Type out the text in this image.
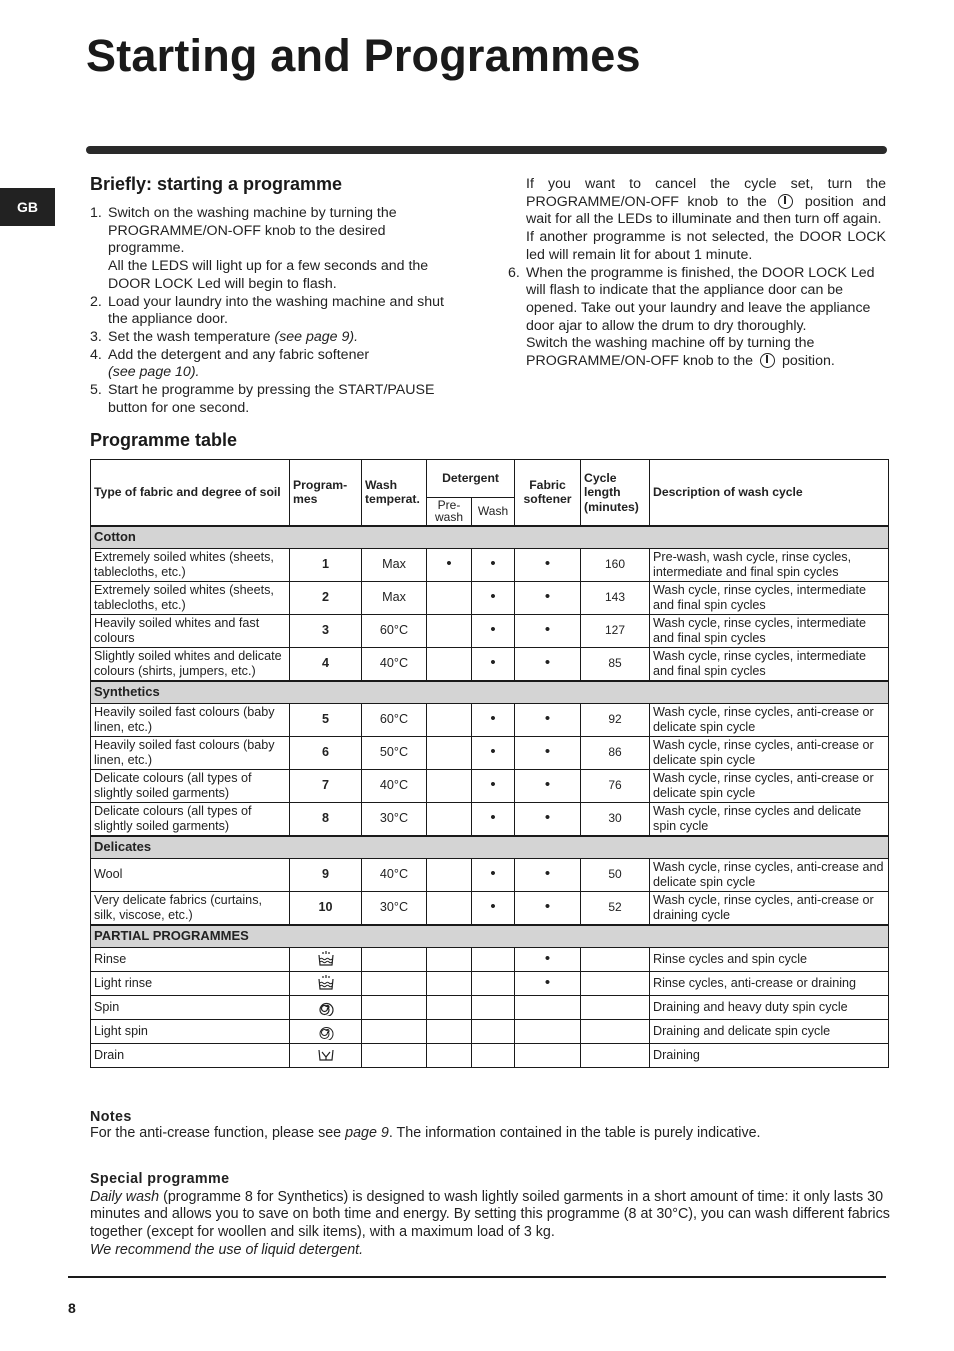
Starting and Programmes
GB
Briefly: starting a programme
1. Switch on the washing machine by turning the PROGRAMME/ON-OFF knob to the desired programme.
All the LEDS will light up for a few seconds and the DOOR LOCK Led will begin to flash.
2. Load your laundry into the washing machine and shut the appliance door.
3. Set the wash temperature (see page 9).
4. Add the detergent and any fabric softener
(see page 10).
5. Start he programme by pressing the START/PAUSE button for one second.
If you want to cancel the cycle set, turn the PROGRAMME/ON-OFF knob to the	position and wait for all the LEDs to illuminate and then turn off again.
If another programme is not selected, the DOOR LOCK led will remain lit for about 1 minute.
6. When the programme is finished, the DOOR LOCK Led will flash to indicate that the appliance door can be opened. Take out your laundry and leave the appliance door ajar to allow the drum to dry thoroughly.
Switch the washing machine off by turning the PROGRAMME/ON-OFF knob to the position.
Programme table
Type of fabric and degree of soil	Program-mes	Wash temperat.	Detergent		Fabric softener	Cycle length (minutes)	Description of wash cycle
			Pre-wash	Wash			
Cotton							
Extremely soiled whites (sheets, tablecloths, etc.)	1	Max	•	•	•	160	Pre-wash, wash cycle, rinse cycles, intermediate and final spin cycles
Extremely soiled whites (sheets, tablecloths, etc.)	2	Max		•	•	143	Wash cycle, rinse cycles, intermediate and final spin cycles
Heavily soiled whites and fast colours	3	60°C		•	•	127	Wash cycle, rinse cycles, intermediate and final spin cycles
Slightly soiled whites and delicate colours (shirts, jumpers, etc.)	4	40°C		•	•	85	Wash cycle, rinse cycles, intermediate and final spin cycles
Synthetics							
Heavily soiled fast colours (baby linen, etc.)	5	60°C		•	•	92	Wash cycle, rinse cycles, anti-crease or delicate spin cycle
Heavily soiled fast colours (baby linen, etc.)	6	50°C		•	•	86	Wash cycle, rinse cycles, anti-crease or delicate spin cycle
Delicate colours (all types of slightly soiled garments)	7	40°C		•	•	76	Wash cycle, rinse cycles, anti-crease or delicate spin cycle
Delicate colours (all types of slightly soiled garments)	8	30°C		•	•	30	Wash cycle, rinse cycles and delicate spin cycle
Delicates							
Wool	9	40°C		•	•	50	Wash cycle, rinse cycles, anti-crease and delicate spin cycle
Very delicate fabrics (curtains, silk, viscose, etc.)	10	30°C		•	•	52	Wash cycle, rinse cycles, anti-crease or draining cycle
PARTIAL PROGRAMMES							
Rinse					•		Rinse cycles and spin cycle
Light rinse					•		Rinse cycles, anti-crease or draining
Spin							Draining and heavy duty spin cycle
Light spin							Draining and delicate spin cycle
Drain							Draining
Notes
For the anti-crease function, please see page 9. The information contained in the table is purely indicative.
Special programme
Daily wash (programme 8 for Synthetics) is designed to wash lightly soiled garments in a short amount of time: it only lasts 30 minutes and allows you to save on both time and energy. By setting this programme (8 at 30°C), you can wash different fabrics together (except for woollen and silk items), with a maximum load of 3 kg.
We recommend the use of liquid detergent.
8
